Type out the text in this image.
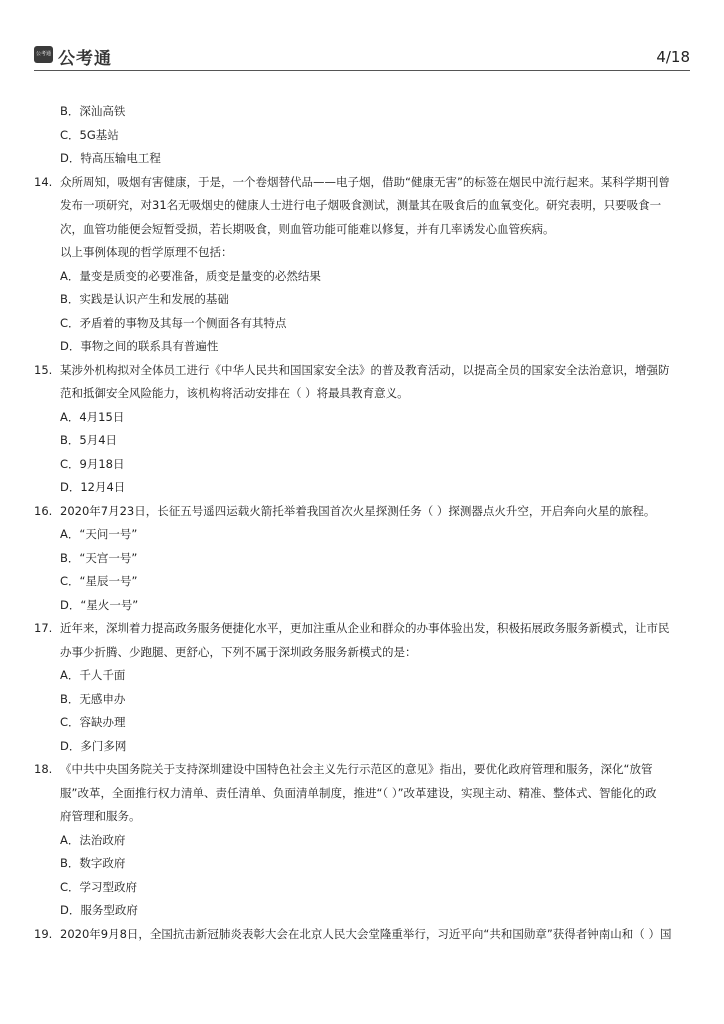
公考通 公考通	4/18
B．深汕高铁
C．5G基站
D．特高压输电工程
14. 众所周知，吸烟有害健康，于是，一个卷烟替代品——电子烟，借助“健康无害”的标签在烟民中流行起来。某科学期刊曾
发布一项研究，对31名无吸烟史的健康人士进行电子烟吸食测试，测量其在吸食后的血氧变化。研究表明，只要吸食一
次，血管功能便会短暂受损，若长期吸食，则血管功能可能难以修复，并有几率诱发心血管疾病。
以上事例体现的哲学原理不包括：
A．量变是质变的必要准备，质变是量变的必然结果
B．实践是认识产生和发展的基础
C．矛盾着的事物及其每一个侧面各有其特点
D．事物之间的联系具有普遍性
15. 某涉外机构拟对全体员工进行《中华人民共和国国家安全法》的普及教育活动，以提高全员的国家安全法治意识，增强防
范和抵御安全风险能力，该机构将活动安排在（ ）将最具教育意义。
A．4月15日
B．5月4日
C．9月18日
D．12月4日
16. 2020年7月23日，长征五号遥四运载火箭托举着我国首次火星探测任务（ ）探测器点火升空，开启奔向火星的旅程。
A．“天问一号”
B．“天宫一号”
C．“星辰一号”
D．“星火一号”
17. 近年来，深圳着力提高政务服务便捷化水平，更加注重从企业和群众的办事体验出发，积极拓展政务服务新模式，让市民
办事少折腾、少跑腿、更舒心，下列不属于深圳政务服务新模式的是：
A．千人千面
B．无感申办
C．容缺办理
D．多门多网
18. 《中共中央国务院关于支持深圳建设中国特色社会主义先行示范区的意见》指出，要优化政府管理和服务，深化“放管
服”改革，全面推行权力清单、责任清单、负面清单制度，推进“（ ）”改革建设，实现主动、精准、整体式、智能化的政
府管理和服务。
A．法治政府
B．数字政府
C．学习型政府
D．服务型政府
19. 2020年9月8日，全国抗击新冠肺炎表彰大会在北京人民大会堂隆重举行，习近平向“共和国勋章”获得者钟南山和（ ）国
